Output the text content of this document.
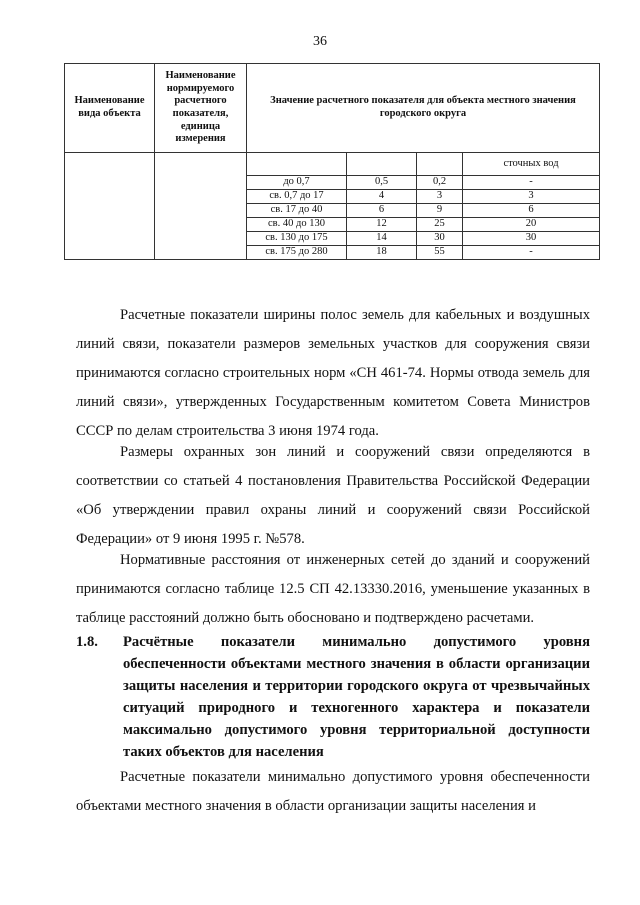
36
Наименование вида объекта	Наименование нормируемого расчетного показателя, единица измерения	Значение расчетного показателя для объекта местного значения городского округа			
					сточных вод
		до 0,7	0,5	0,2	-
		св. 0,7 до 17	4	3	3
		св. 17 до 40	6	9	6
		св. 40 до 130	12	25	20
		св. 130 до 175	14	30	30
		св. 175 до 280	18	55	-

Расчетные показатели ширины полос земель для кабельных и воздушных линий связи, показатели размеров земельных участков для сооружения связи принимаются согласно строительных норм «СН 461-74. Нормы отвода земель для линий связи», утвержденных Государственным комитетом Совета Министров СССР по делам строительства 3 июня 1974 года.

Размеры охранных зон линий и сооружений связи определяются в соответствии со статьей 4 постановления Правительства Российской Федерации «Об утверждении правил охраны линий и сооружений связи Российской Федерации» от 9 июня 1995 г. №578.

Нормативные расстояния от инженерных сетей до зданий и сооружений принимаются согласно таблице 12.5 СП 42.13330.2016, уменьшение указанных в таблице расстояний должно быть обосновано и подтверждено расчетами.

1.8.	Расчётные показатели минимально допустимого уровня обеспеченности объектами местного значения в области организации защиты населения и территории городского округа от чрезвычайных ситуаций природного и техногенного характера и показатели максимально допустимого уровня территориальной доступности таких объектов для населения

Расчетные показатели минимально допустимого уровня обеспеченности объектами местного значения в области организации защиты населения и
